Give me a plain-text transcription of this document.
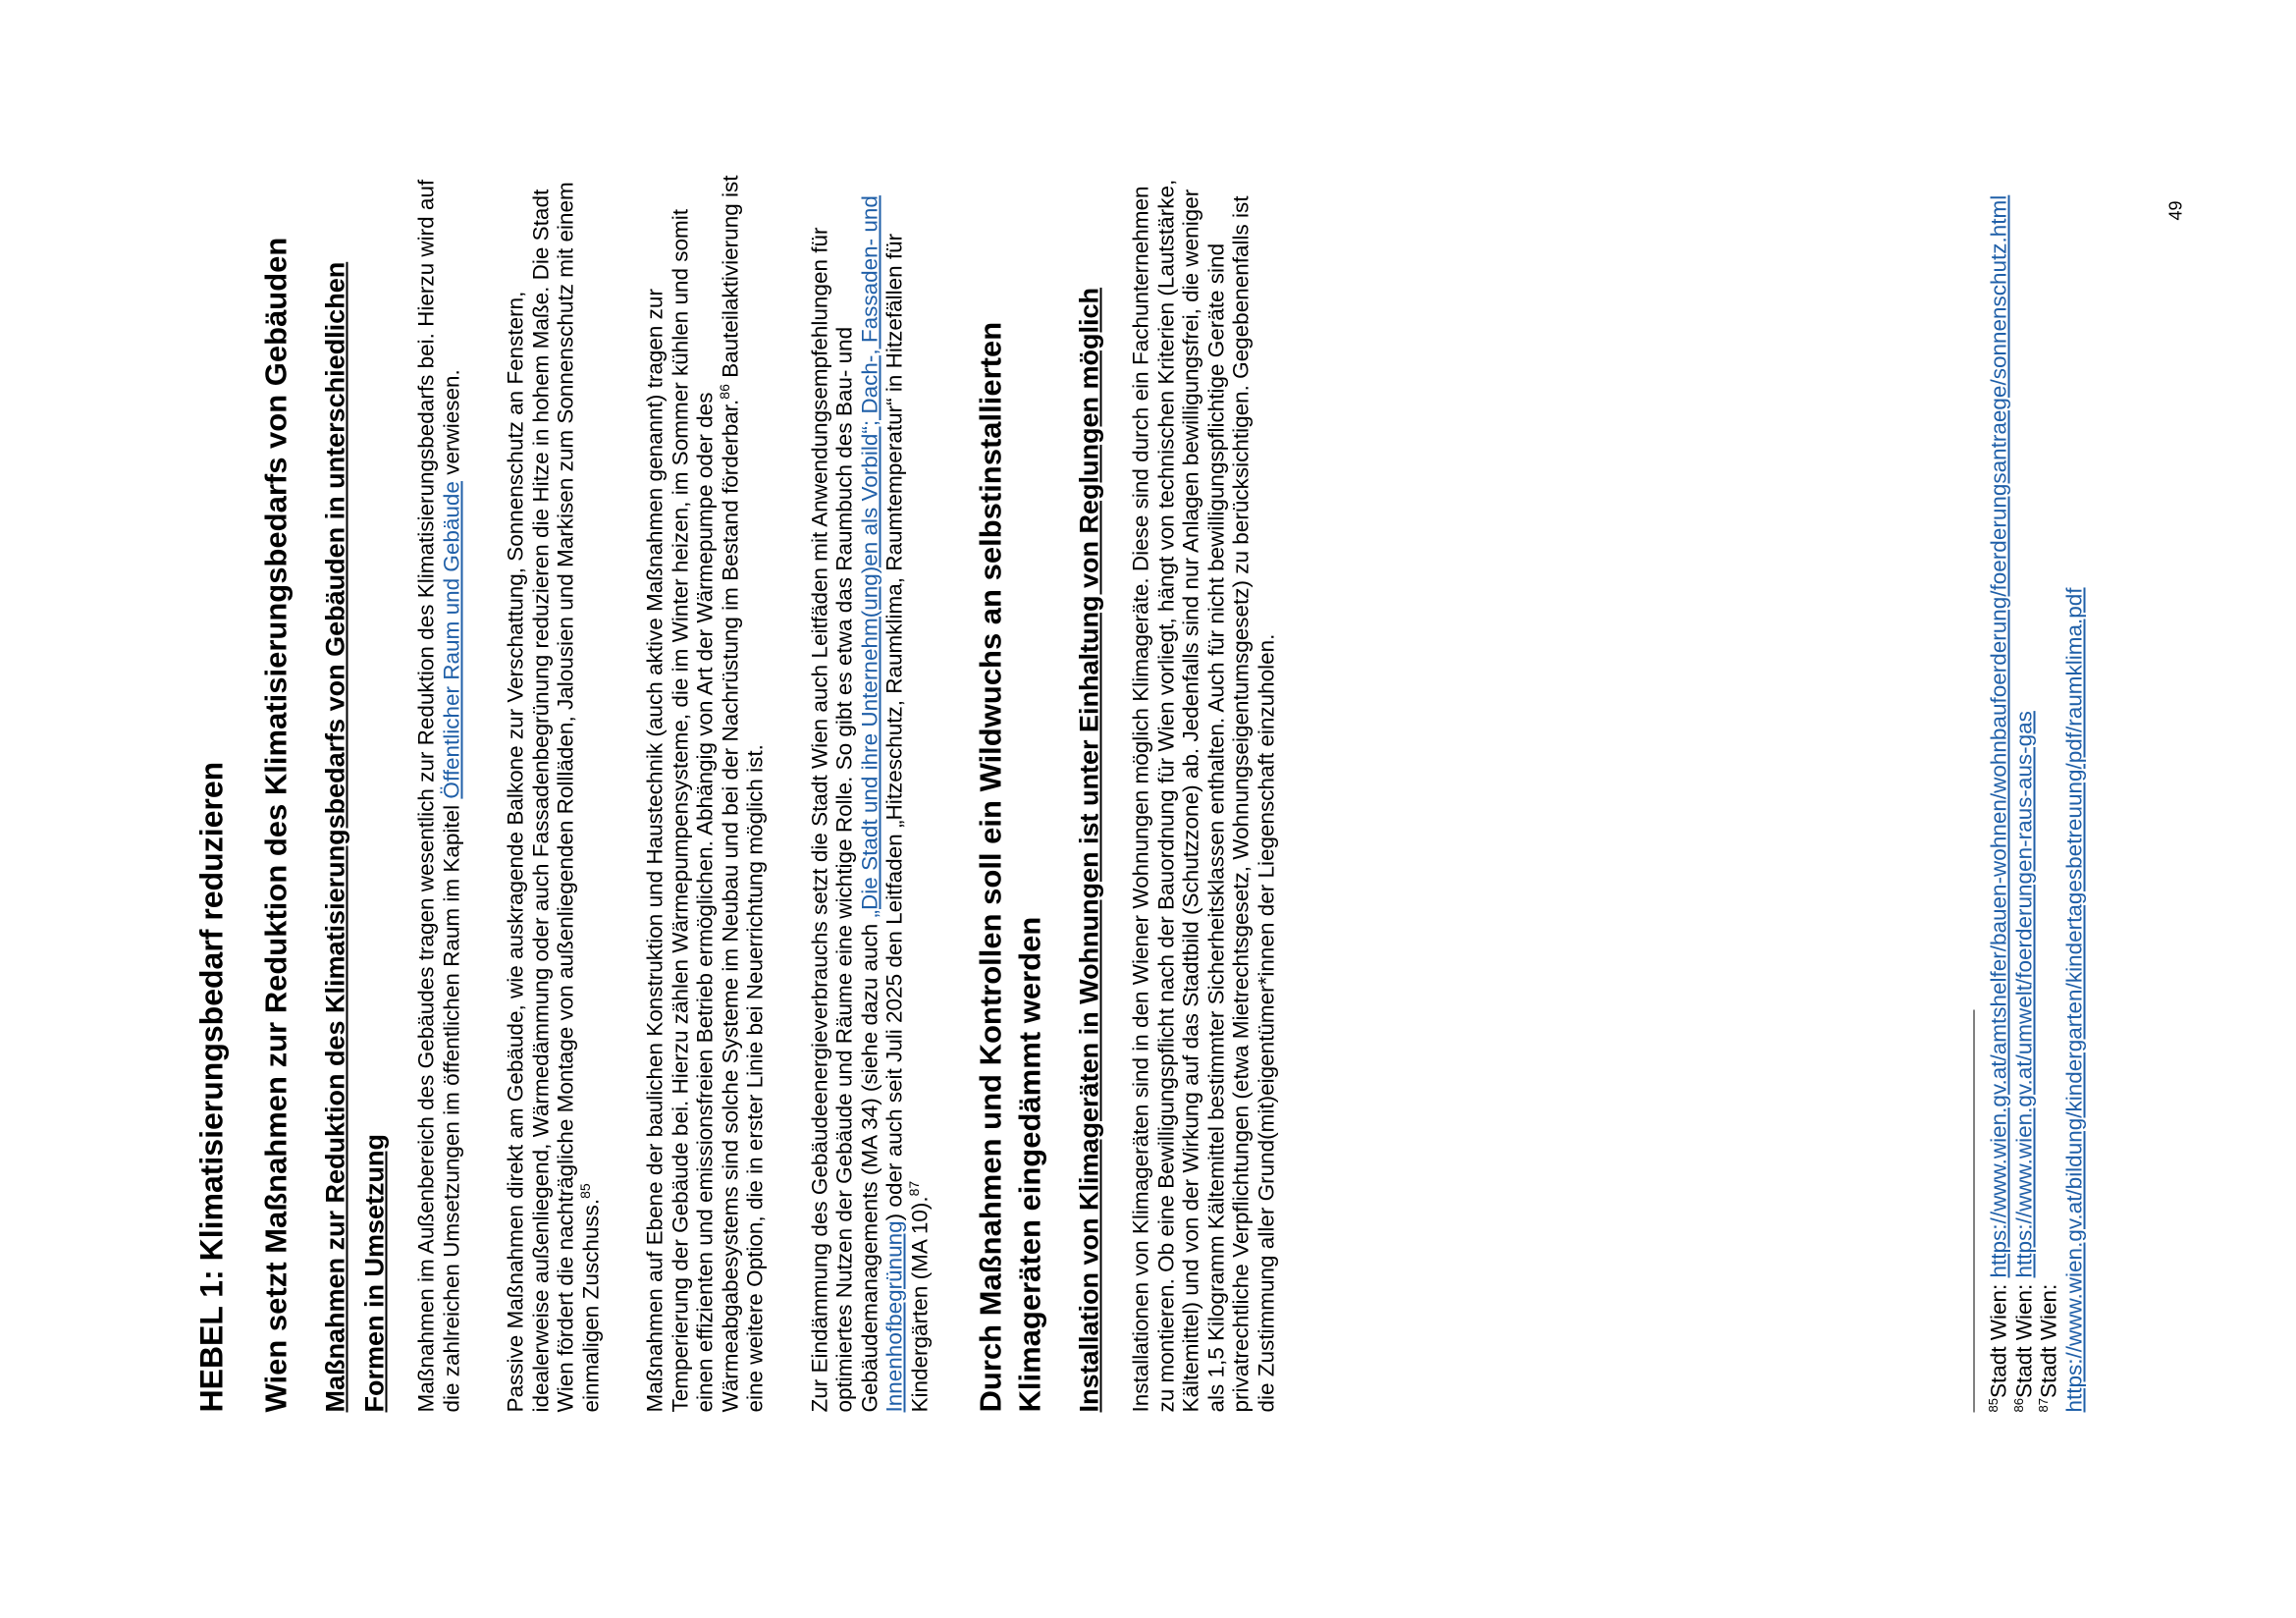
HEBEL 1: Klimatisierungsbedarf reduzieren Wien setzt Maßnahmen zur Reduktion des Klimatisierungsbedarfs von Gebäuden Maßnahmen zur Reduktion des Klimatisierungsbedarfs von Gebäuden in unterschiedlichen Formen in Umsetzung Maßnahmen im Außenbereich des Gebäudes tragen wesentlich zur Reduktion des Klimatisierungsbedarfs bei. Hierzu wird auf die zahlreichen Umsetzungen im öffentlichen Raum im Kapitel Öffentlicher Raum und Gebäude verwiesen. Passive Maßnahmen direkt am Gebäude, wie auskragende Balkone zur Verschattung, Sonnenschutz an Fenstern, idealerweise außenliegend, Wärmedämmung oder auch Fassadenbegrünung reduzieren die Hitze in hohem Maße. Die Stadt Wien fördert die nachträgliche Montage von außenliegenden Rollläden, Jalousien und Markisen zum Sonnenschutz mit einem einmaligen Zuschuss.$^{85}$	Maßnahmen auf Ebene der baulichen Konstruktion und Haustechnik (auch aktive Maßnahmen genannt) tragen zur Temperierung der Gebäude bei. Hierzu zählen Wärmepumpensysteme, die im Winter heizen, im Sommer kühlen und somit einen effizienten und emissionsfreien Betrieb ermöglichen. Abhängig von Art der Wärmepumpe oder des Wärmeabgabesystems sind solche Systeme im Neubau und bei der Nachrüstung im Bestand förderbar.$^{86}$ Bauteilaktivierung ist eine weitere Option, die in erster Linie bei Neuerrichtung möglich ist. Zur Eindämmung des Gebäudeenergieverbrauchs setzt die Stadt Wien auch Leitfäden mit Anwendungsempfehlungen für optimiertes Nutzen der Gebäude und Räume eine wichtige Rolle. So gibt es etwa das Raumbuch des Bau- und Gebäudemanagements (MA 34) (siehe dazu auch „Die Stadt und ihre Unternehm(ung)en als Vorbild“; Dach-, Fassaden- und Innenhofbegrünung) oder auch seit Juli 2025 den Leitfaden „Hitzeschutz, Raumklima, Raumtemperatur“ in Hitzefällen für Kindergärten (MA 10).$^{87}$	Durch Maßnahmen und Kontrollen soll ein Wildwuchs an selbstinstallierten Klimageräten eingedämmt werden Installation von Klimageräten in Wohnungen ist unter Einhaltung von Reglungen möglich Installationen von Klimageräten sind in den Wiener Wohnungen möglich Klimageräte. Diese sind durch ein Fachunternehmen zu montieren. Ob eine Bewilligungspflicht nach der Bauordnung für Wien vorliegt, hängt von technischen Kriterien (Lautstärke, Kältemittel) und von der Wirkung auf das Stadtbild (Schutzzone) ab. Jedenfalls sind nur Anlagen bewilligungsfrei, die weniger als 1,5 Kilogramm Kältemittel bestimmter Sicherheitsklassen enthalten. Auch für nicht bewilligungspflichtige Geräte sind privatrechtliche Verpflichtungen (etwa Mietrechtsgesetz, Wohnungseigentumsgesetz) zu berücksichtigen. Gegebenenfalls ist die Zustimmung aller Grund(mit)eigentümer*innen der Liegenschaft einzuholen.	$^{85}$Stadt Wien: https://www.wien.gv.at/amtshelfer/bauen-wohnen/wohnbaufoerderung/foerderungsantraege/sonnenschutz.html

$^{86}$Stadt Wien: https://www.wien.gv.at/umwelt/foerderungen-raus-aus-gas

$^{87}$Stadt Wien:
https://www.wien.gv.at/bildung/kindergarten/kindertagesbetreuung/pdf/raumklima.pdf

49
